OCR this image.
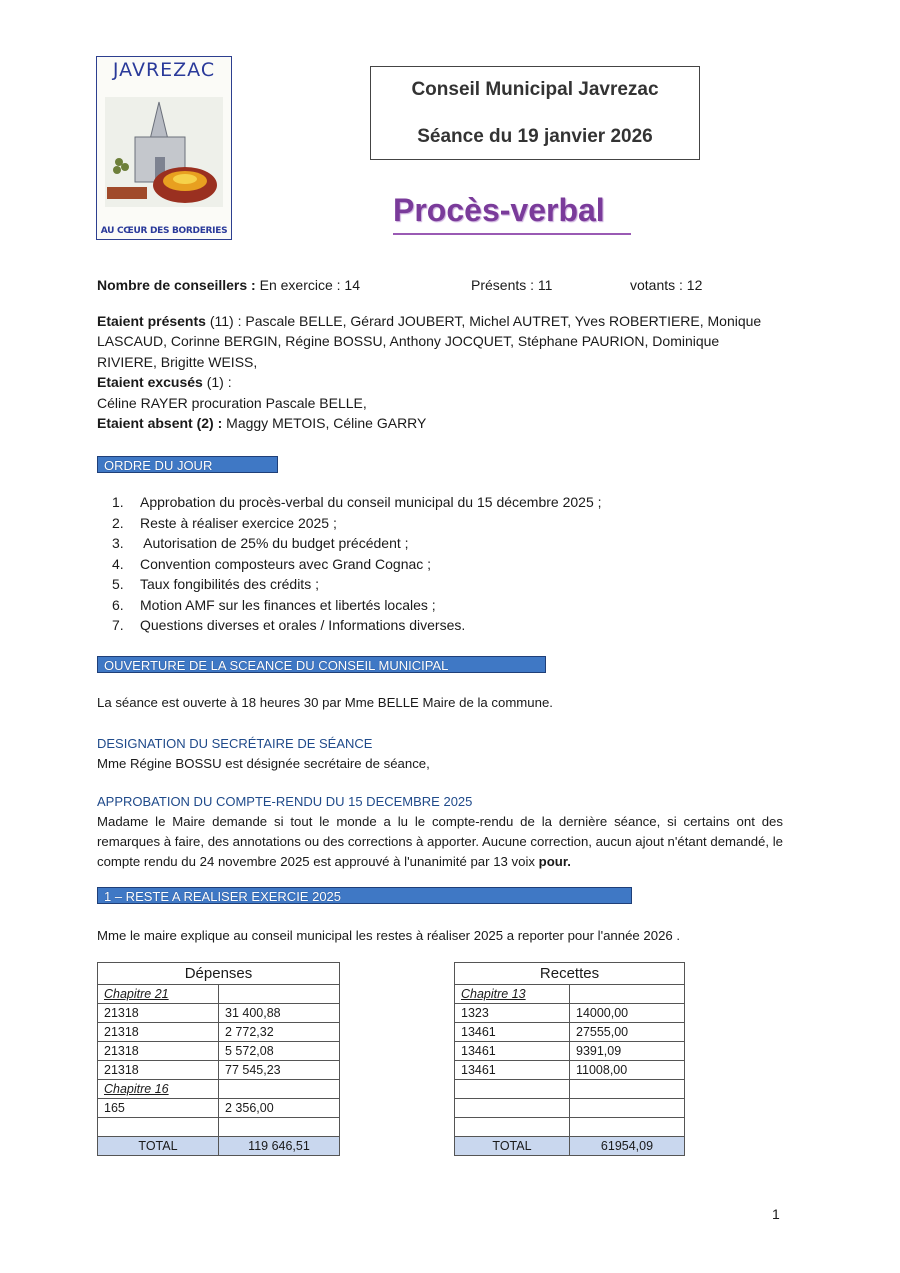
JAVREZAC
AU CŒUR DES BORDERIES
Conseil Municipal Javrezac
Séance du 19 janvier 2026
Procès-verbal
Nombre de conseillers : En exercice : 14	Présents : 11	votants : 12
Etaient présents (11) : Pascale BELLE, Gérard JOUBERT, Michel AUTRET, Yves ROBERTIERE, Monique
LASCAUD, Corinne BERGIN, Régine BOSSU, Anthony JOCQUET, Stéphane PAURION, Dominique
RIVIERE, Brigitte WEISS,
Etaient excusés (1) :
Céline RAYER procuration Pascale BELLE,
Etaient absent (2) : Maggy METOIS, Céline GARRY
ORDRE DU JOUR
1. Approbation du procès-verbal du conseil municipal du 15 décembre 2025 ;
2. Reste à réaliser exercice 2025 ;
3. Autorisation de 25% du budget précédent ;
4. Convention composteurs avec Grand Cognac ;
5. Taux fongibilités des crédits ;
6. Motion AMF sur les finances et libertés locales ;
7. Questions diverses et orales / Informations diverses.
OUVERTURE DE LA SCEANCE DU CONSEIL MUNICIPAL
La séance est ouverte à 18 heures 30 par Mme BELLE Maire de la commune.
DESIGNATION DU SECRÉTAIRE DE SÉANCE
Mme Régine BOSSU est désignée secrétaire de séance,
APPROBATION DU COMPTE-RENDU DU 15 DECEMBRE 2025
Madame le Maire demande si tout le monde a lu le compte-rendu de la dernière séance, si certains ont des remarques à faire, des annotations ou des corrections à apporter. Aucune correction, aucun ajout n'étant demandé, le compte rendu du 24 novembre 2025 est approuvé à l'unanimité par 13 voix pour.
1 – RESTE A REALISER EXERCIE 2025
Mme le maire explique au conseil municipal les restes à réaliser 2025 a reporter pour l'année 2026 .
Dépenses	
Chapitre 21	
21318	31 400,88
21318	2 772,32
21318	5 572,08
21318	77 545,23
Chapitre 16	
165	2 356,00

TOTAL	119 646,51
Recettes	
Chapitre 13	
1323	14000,00
13461	27555,00
13461	9391,09
13461	11008,00

TOTAL	61954,09
1
